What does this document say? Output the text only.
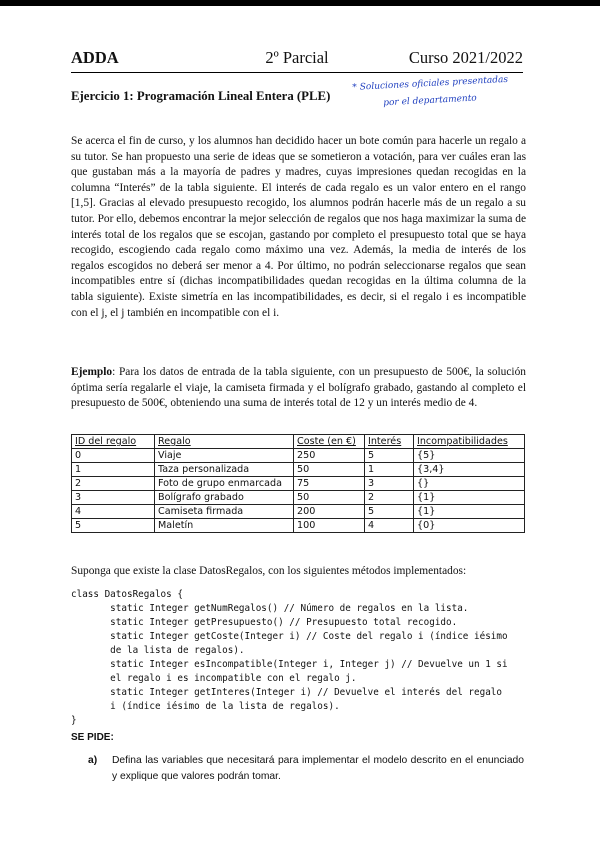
ADDA	2º Parcial	Curso 2021/2022
Ejercicio 1: Programación Lineal Entera (PLE)
* Soluciones oficiales presentadas
por el departamento

Se acerca el fin de curso, y los alumnos han decidido hacer un bote común para hacerle un regalo a su tutor. Se han propuesto una serie de ideas que se sometieron a votación, para ver cuáles eran las que gustaban más a la mayoría de padres y madres, cuyas impresiones quedan recogidas en la columna “Interés” de la tabla siguiente. El interés de cada regalo es un valor entero en el rango [1,5]. Gracias al elevado presupuesto recogido, los alumnos podrán hacerle más de un regalo a su tutor. Por ello, debemos encontrar la mejor selección de regalos que nos haga maximizar la suma de interés total de los regalos que se escojan, gastando por completo el presupuesto total que se haya recogido, escogiendo cada regalo como máximo una vez. Además, la media de interés de los regalos escogidos no deberá ser menor a 4. Por último, no podrán seleccionarse regalos que sean incompatibles entre sí (dichas incompatibilidades quedan recogidas en la última columna de la tabla siguiente). Existe simetría en las incompatibilidades, es decir, si el regalo i es incompatible con el j, el j también en incompatible con el i.

Ejemplo: Para los datos de entrada de la tabla siguiente, con un presupuesto de 500€, la solución óptima sería regalarle el viaje, la camiseta firmada y el bolígrafo grabado, gastando al completo el presupuesto de 500€, obteniendo una suma de interés total de 12 y un interés medio de 4.

ID del regalo	Regalo	Coste (en €)	Interés	Incompatibilidades
0	Viaje	250	5	{5}
1	Taza personalizada	50	1	{3,4}
2	Foto de grupo enmarcada	75	3	{}
3	Bolígrafo grabado	50	2	{1}
4	Camiseta firmada	200	5	{1}
5	Maletín	100	4	{0}
Suponga que existe la clase DatosRegalos, con los siguientes métodos implementados:
class DatosRegalos {
static Integer getNumRegalos() // Número de regalos en la lista.
static Integer getPresupuesto() // Presupuesto total recogido.
static Integer getCoste(Integer i) // Coste del regalo i (índice iésimo
de la lista de regalos).
static Integer esIncompatible(Integer i, Integer j) // Devuelve un 1 si
el regalo i es incompatible con el regalo j.
static Integer getInteres(Integer i) // Devuelve el interés del regalo
i (índice iésimo de la lista de regalos).
}
SE PIDE:
a)	Defina las variables que necesitará para implementar el modelo descrito en el enunciado y explique que valores podrán tomar.
